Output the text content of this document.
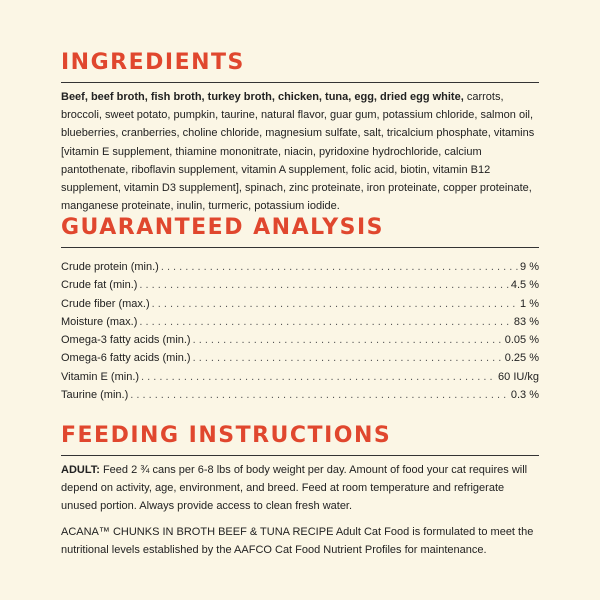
INGREDIENTS

Beef, beef broth, fish broth, turkey broth, chicken, tuna, egg, dried egg white, carrots, broccoli, sweet potato, pumpkin, taurine, natural flavor, guar gum, potassium chloride, salmon oil, blueberries, cranberries, choline chloride, magnesium sulfate, salt, tricalcium phosphate, vitamins [vitamin E supplement, thiamine mononitrate, niacin, pyridoxine hydrochloride, calcium pantothenate, riboflavin supplement, vitamin A supplement, folic acid, biotin, vitamin B12 supplement, vitamin D3 supplement], spinach, zinc proteinate, iron proteinate, copper proteinate, manganese proteinate, inulin, turmeric, potassium iodide.

GUARANTEED ANALYSIS
Crude protein (min.) . . .	9 %
Crude fat (min.) . . .	4.5 %
Crude fiber (max.) . . .	1 %
Moisture (max.) . . .	83 %
Omega-3 fatty acids (min.) . . .	0.05 %
Omega-6 fatty acids (min.) . . .	0.25 %
Vitamin E (min.) . . .	60 IU/kg
Taurine (min.) . . .	0.3 %
FEEDING INSTRUCTIONS

ADULT: Feed 2 ¾ cans per 6-8 lbs of body weight per day. Amount of food your cat requires will depend on activity, age, environment, and breed. Feed at room temperature and refrigerate unused portion. Always provide access to clean fresh water.

ACANA™ CHUNKS IN BROTH BEEF & TUNA RECIPE Adult Cat Food is formulated to meet the nutritional levels established by the AAFCO Cat Food Nutrient Profiles for maintenance.
